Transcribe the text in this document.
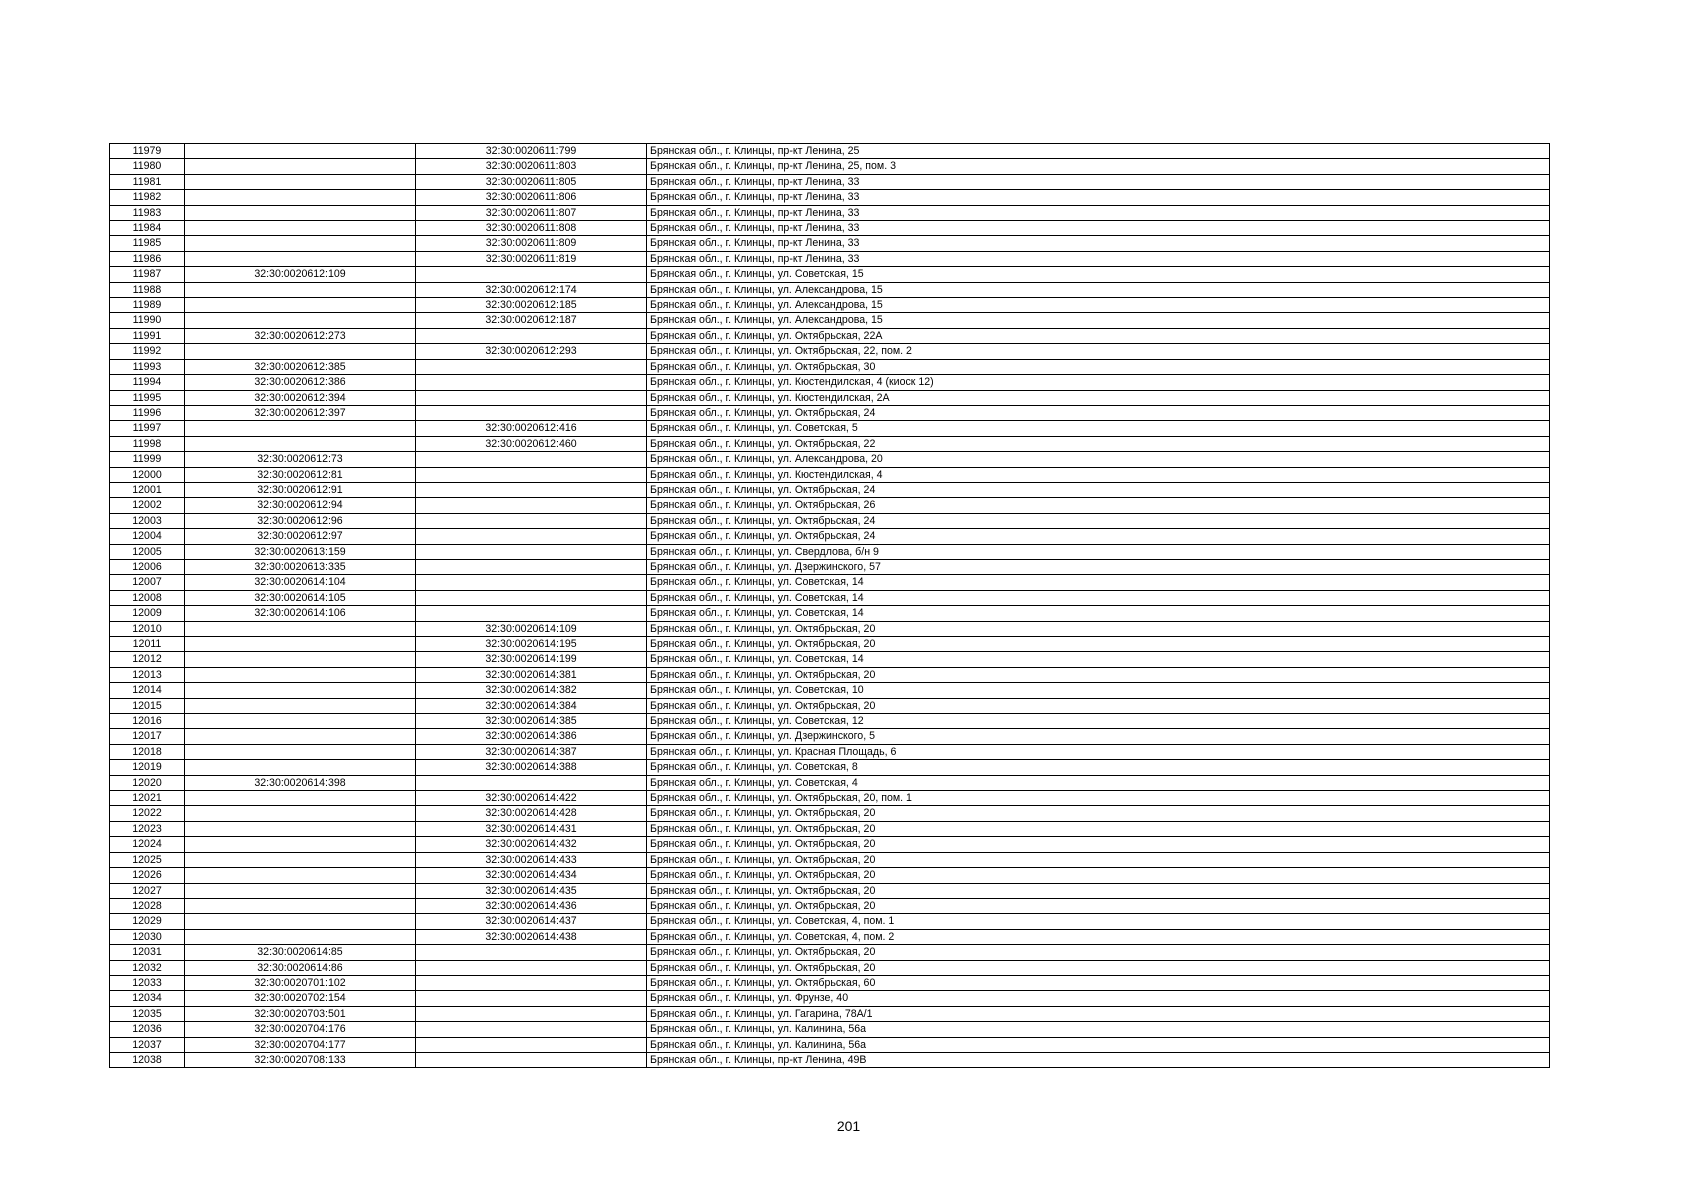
11979		32:30:0020611:799	Брянская обл., г. Клинцы, пр-кт Ленина, 25
11980		32:30:0020611:803	Брянская обл., г. Клинцы, пр-кт Ленина, 25, пом. 3
11981		32:30:0020611:805	Брянская обл., г. Клинцы, пр-кт Ленина, 33
11982		32:30:0020611:806	Брянская обл., г. Клинцы, пр-кт Ленина, 33
11983		32:30:0020611:807	Брянская обл., г. Клинцы, пр-кт Ленина, 33
11984		32:30:0020611:808	Брянская обл., г. Клинцы, пр-кт Ленина, 33
11985		32:30:0020611:809	Брянская обл., г. Клинцы, пр-кт Ленина, 33
11986		32:30:0020611:819	Брянская обл., г. Клинцы, пр-кт Ленина, 33
11987	32:30:0020612:109		Брянская обл., г. Клинцы, ул. Советская, 15
11988		32:30:0020612:174	Брянская обл., г. Клинцы, ул. Александрова, 15
11989		32:30:0020612:185	Брянская обл., г. Клинцы, ул. Александрова, 15
11990		32:30:0020612:187	Брянская обл., г. Клинцы, ул. Александрова, 15
11991	32:30:0020612:273		Брянская обл., г. Клинцы, ул. Октябрьская, 22А
11992		32:30:0020612:293	Брянская обл., г. Клинцы, ул. Октябрьская, 22, пом. 2
11993	32:30:0020612:385		Брянская обл., г. Клинцы, ул. Октябрьская, 30
11994	32:30:0020612:386		Брянская обл., г. Клинцы, ул. Кюстендилская, 4 (киоск 12)
11995	32:30:0020612:394		Брянская обл., г. Клинцы, ул. Кюстендилская, 2А
11996	32:30:0020612:397		Брянская обл., г. Клинцы, ул. Октябрьская, 24
11997		32:30:0020612:416	Брянская обл., г. Клинцы, ул. Советская, 5
11998		32:30:0020612:460	Брянская обл., г. Клинцы, ул. Октябрьская, 22
11999	32:30:0020612:73		Брянская обл., г. Клинцы, ул. Александрова, 20
12000	32:30:0020612:81		Брянская обл., г. Клинцы, ул. Кюстендилская, 4
12001	32:30:0020612:91		Брянская обл., г. Клинцы, ул. Октябрьская, 24
12002	32:30:0020612:94		Брянская обл., г. Клинцы, ул. Октябрьская, 26
12003	32:30:0020612:96		Брянская обл., г. Клинцы, ул. Октябрьская, 24
12004	32:30:0020612:97		Брянская обл., г. Клинцы, ул. Октябрьская, 24
12005	32:30:0020613:159		Брянская обл., г. Клинцы, ул. Свердлова, б/н 9
12006	32:30:0020613:335		Брянская обл., г. Клинцы, ул. Дзержинского, 57
12007	32:30:0020614:104		Брянская обл., г. Клинцы, ул. Советская, 14
12008	32:30:0020614:105		Брянская обл., г. Клинцы, ул. Советская, 14
12009	32:30:0020614:106		Брянская обл., г. Клинцы, ул. Советская, 14
12010		32:30:0020614:109	Брянская обл., г. Клинцы, ул. Октябрьская, 20
12011		32:30:0020614:195	Брянская обл., г. Клинцы, ул. Октябрьская, 20
12012		32:30:0020614:199	Брянская обл., г. Клинцы, ул. Советская, 14
12013		32:30:0020614:381	Брянская обл., г. Клинцы, ул. Октябрьская, 20
12014		32:30:0020614:382	Брянская обл., г. Клинцы, ул. Советская, 10
12015		32:30:0020614:384	Брянская обл., г. Клинцы, ул. Октябрьская, 20
12016		32:30:0020614:385	Брянская обл., г. Клинцы, ул. Советская, 12
12017		32:30:0020614:386	Брянская обл., г. Клинцы, ул. Дзержинского, 5
12018		32:30:0020614:387	Брянская обл., г. Клинцы, ул. Красная Площадь, 6
12019		32:30:0020614:388	Брянская обл., г. Клинцы, ул. Советская, 8
12020	32:30:0020614:398		Брянская обл., г. Клинцы, ул. Советская, 4
12021		32:30:0020614:422	Брянская обл., г. Клинцы, ул. Октябрьская, 20, пом. 1
12022		32:30:0020614:428	Брянская обл., г. Клинцы, ул. Октябрьская, 20
12023		32:30:0020614:431	Брянская обл., г. Клинцы, ул. Октябрьская, 20
12024		32:30:0020614:432	Брянская обл., г. Клинцы, ул. Октябрьская, 20
12025		32:30:0020614:433	Брянская обл., г. Клинцы, ул. Октябрьская, 20
12026		32:30:0020614:434	Брянская обл., г. Клинцы, ул. Октябрьская, 20
12027		32:30:0020614:435	Брянская обл., г. Клинцы, ул. Октябрьская, 20
12028		32:30:0020614:436	Брянская обл., г. Клинцы, ул. Октябрьская, 20
12029		32:30:0020614:437	Брянская обл., г. Клинцы, ул. Советская, 4, пом. 1
12030		32:30:0020614:438	Брянская обл., г. Клинцы, ул. Советская, 4, пом. 2
12031	32:30:0020614:85		Брянская обл., г. Клинцы, ул. Октябрьская, 20
12032	32:30:0020614:86		Брянская обл., г. Клинцы, ул. Октябрьская, 20
12033	32:30:0020701:102		Брянская обл., г. Клинцы, ул. Октябрьская, 60
12034	32:30:0020702:154		Брянская обл., г. Клинцы, ул. Фрунзе, 40
12035	32:30:0020703:501		Брянская обл., г. Клинцы, ул. Гагарина, 78А/1
12036	32:30:0020704:176		Брянская обл., г. Клинцы, ул. Калинина, 56а
12037	32:30:0020704:177		Брянская обл., г. Клинцы, ул. Калинина, 56а
12038	32:30:0020708:133		Брянская обл., г. Клинцы, пр-кт Ленина, 49В
201
